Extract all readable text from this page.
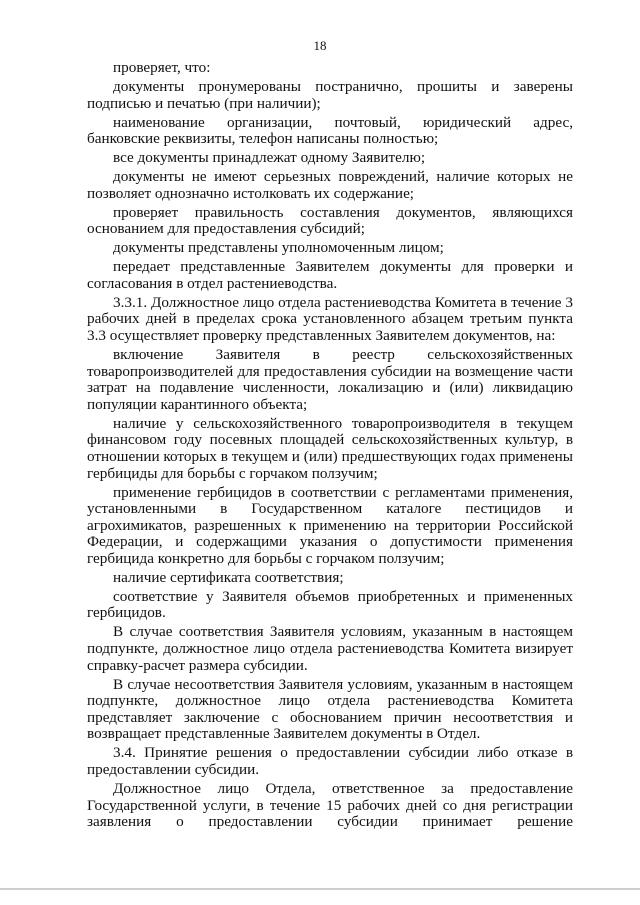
18

проверяет, что:

документы пронумерованы постранично, прошиты и заверены подписью и печатью (при наличии);

наименование организации, почтовый, юридический адрес, банковские реквизиты, телефон написаны полностью;

все документы принадлежат одному Заявителю;

документы не имеют серьезных повреждений, наличие которых не позволяет однозначно истолковать их содержание;

проверяет правильность составления документов, являющихся основанием для предоставления субсидий;

документы представлены уполномоченным лицом;

передает представленные Заявителем документы для проверки и согласования в отдел растениеводства.

3.3.1. Должностное лицо отдела растениеводства Комитета в течение 3 рабочих дней в пределах срока установленного абзацем третьим пункта 3.3 осуществляет проверку представленных Заявителем документов, на:

включение Заявителя в реестр сельскохозяйственных товаропроизводителей для предоставления субсидии на возмещение части затрат на подавление численности, локализацию и (или) ликвидацию популяции карантинного объекта;

наличие у сельскохозяйственного товаропроизводителя в текущем финансовом году посевных площадей сельскохозяйственных культур, в отношении которых в текущем и (или) предшествующих годах применены гербициды для борьбы с горчаком ползучим;

применение гербицидов в соответствии с регламентами применения, установленными в Государственном каталоге пестицидов и агрохимикатов, разрешенных к применению на территории Российской Федерации, и содержащими указания о допустимости применения гербицида конкретно для борьбы с горчаком ползучим;

наличие сертификата соответствия;

соответствие у Заявителя объемов приобретенных и примененных гербицидов.

В случае соответствия Заявителя условиям, указанным в настоящем подпункте, должностное лицо отдела растениеводства Комитета визирует справку-расчет размера субсидии.

В случае несоответствия Заявителя условиям, указанным в настоящем подпункте, должностное лицо отдела растениеводства Комитета представляет заключение с обоснованием причин несоответствия и возвращает представленные Заявителем документы в Отдел.

3.4. Принятие решения о предоставлении субсидии либо отказе в предоставлении субсидии.

Должностное лицо Отдела, ответственное за предоставление Государственной услуги, в течение 15 рабочих дней со дня регистрации заявления о предоставлении субсидии принимает решение
